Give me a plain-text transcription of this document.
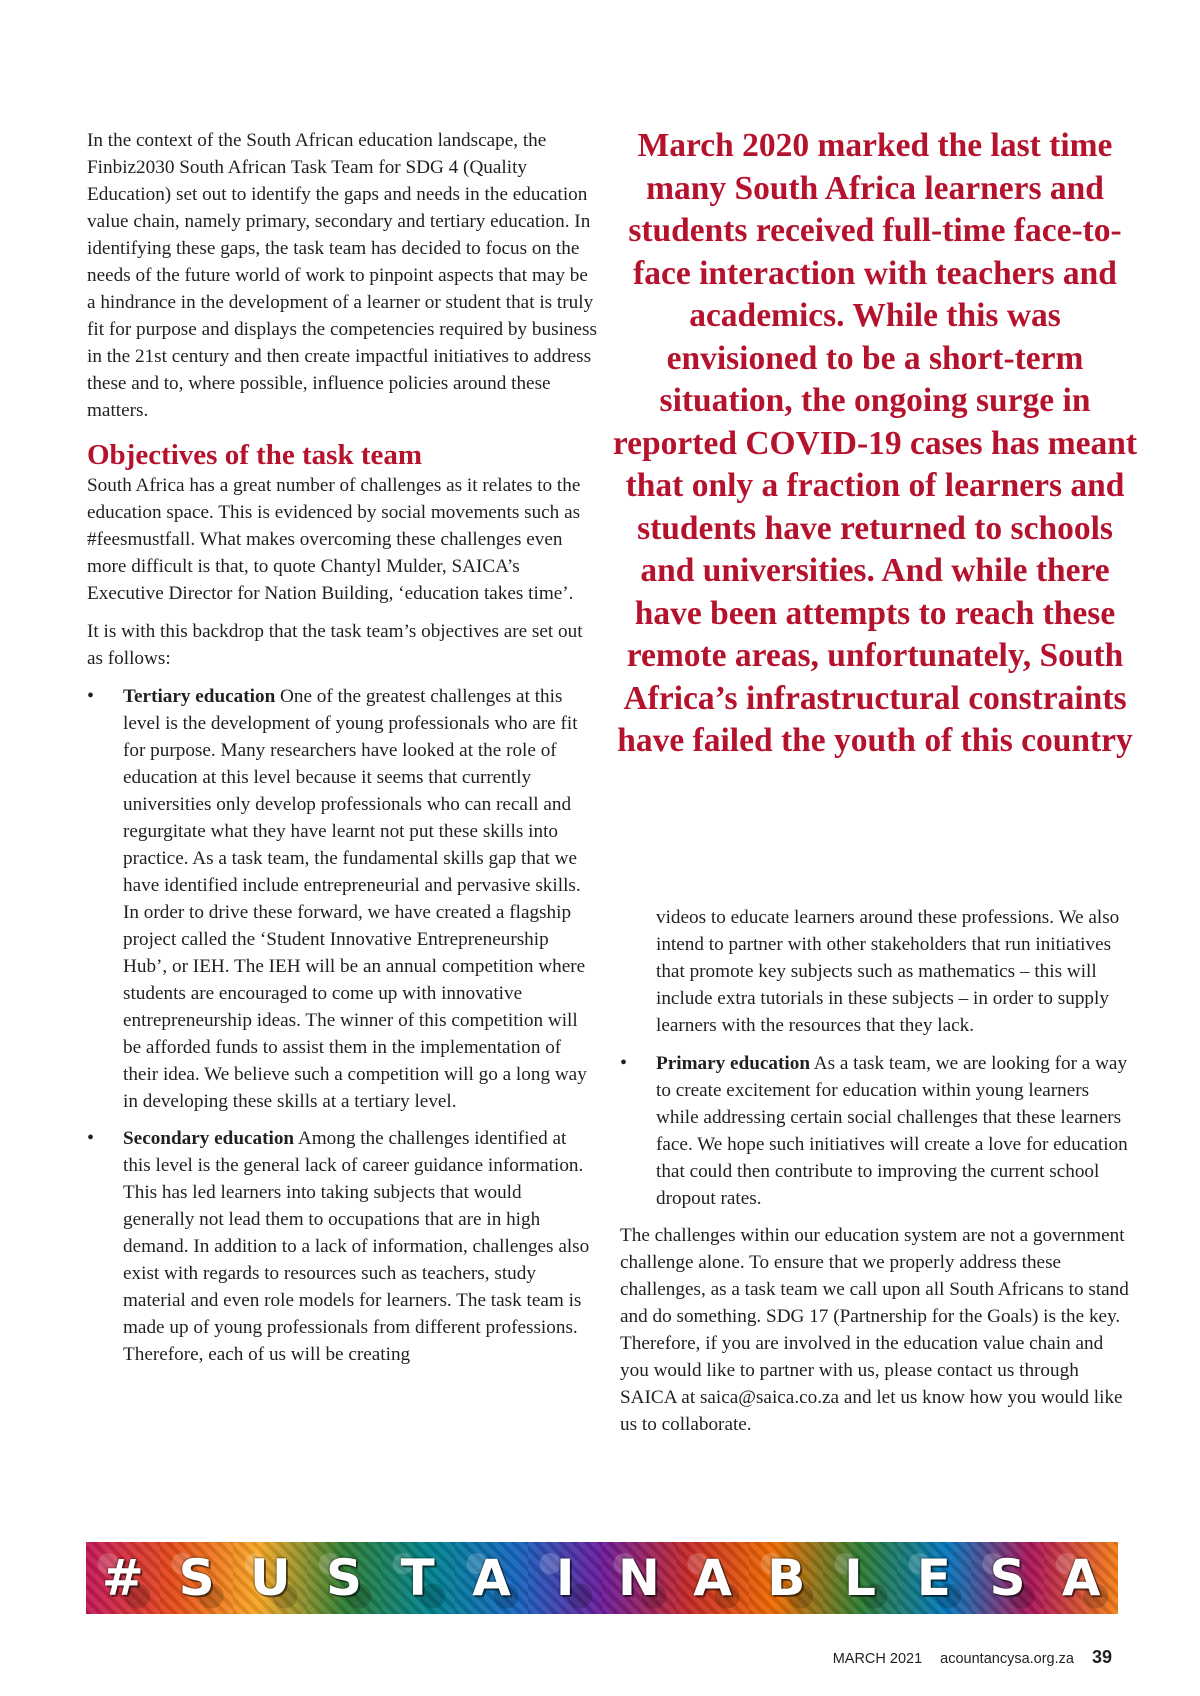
In the context of the South African education landscape, the Finbiz2030 South African Task Team for SDG 4 (Quality Education) set out to identify the gaps and needs in the education value chain, namely primary, secondary and tertiary education. In identifying these gaps, the task team has decided to focus on the needs of the future world of work to pinpoint aspects that may be a hindrance in the development of a learner or student that is truly fit for purpose and displays the competencies required by business in the 21st century and then create impactful initiatives to address these and to, where possible, influence policies around these matters.

Objectives of the task team

South Africa has a great number of challenges as it relates to the education space. This is evidenced by social movements such as #feesmustfall. What makes overcoming these challenges even more difficult is that, to quote Chantyl Mulder, SAICA’s Executive Director for Nation Building, ‘education takes time’.

It is with this backdrop that the task team’s objectives are set out as follows:

• Tertiary education One of the greatest challenges at this level is the development of young professionals who are fit for purpose. Many researchers have looked at the role of education at this level because it seems that currently universities only develop professionals who can recall and regurgitate what they have learnt not put these skills into practice. As a task team, the fundamental skills gap that we have identified include entrepreneurial and pervasive skills. In order to drive these forward, we have created a flagship project called the ‘Student Innovative Entrepreneurship Hub’, or IEH. The IEH will be an annual competition where students are encouraged to come up with innovative entrepreneurship ideas. The winner of this competition will be afforded funds to assist them in the implementation of their idea. We believe such a competition will go a long way in developing these skills at a tertiary level.
• Secondary education Among the challenges identified at this level is the general lack of career guidance information. This has led learners into taking subjects that would generally not lead them to occupations that are in high demand. In addition to a lack of information, challenges also exist with regards to resources such as teachers, study material and even role models for learners. The task team is made up of young professionals from different professions. Therefore, each of us will be creating

March 2020 marked the last time many South Africa learners and students received full-time face-to-face interaction with teachers and academics. While this was envisioned to be a short-term situation, the ongoing surge in reported COVID-19 cases has meant that only a fraction of learners and students have returned to schools and universities. And while there have been attempts to reach these remote areas, unfortunately, South Africa’s infrastructural constraints have failed the youth of this country

videos to educate learners around these professions. We also intend to partner with other stakeholders that run initiatives that promote key subjects such as mathematics – this will include extra tutorials in these subjects – in order to supply learners with the resources that they lack.

• Primary education As a task team, we are looking for a way to create excitement for education within young learners while addressing certain social challenges that these learners face. We hope such initiatives will create a love for education that could then contribute to improving the current school dropout rates.

The challenges within our education system are not a government challenge alone. To ensure that we properly address these challenges, as a task team we call upon all South Africans to stand and do something. SDG 17 (Partnership for the Goals) is the key. Therefore, if you are involved in the education value chain and you would like to partner with us, please contact us through SAICA at saica@saica.co.za and let us know how you would like us to collaborate.

# S U S T A I N A B L E S A
MARCH 2021 acountancysa.org.za 39
